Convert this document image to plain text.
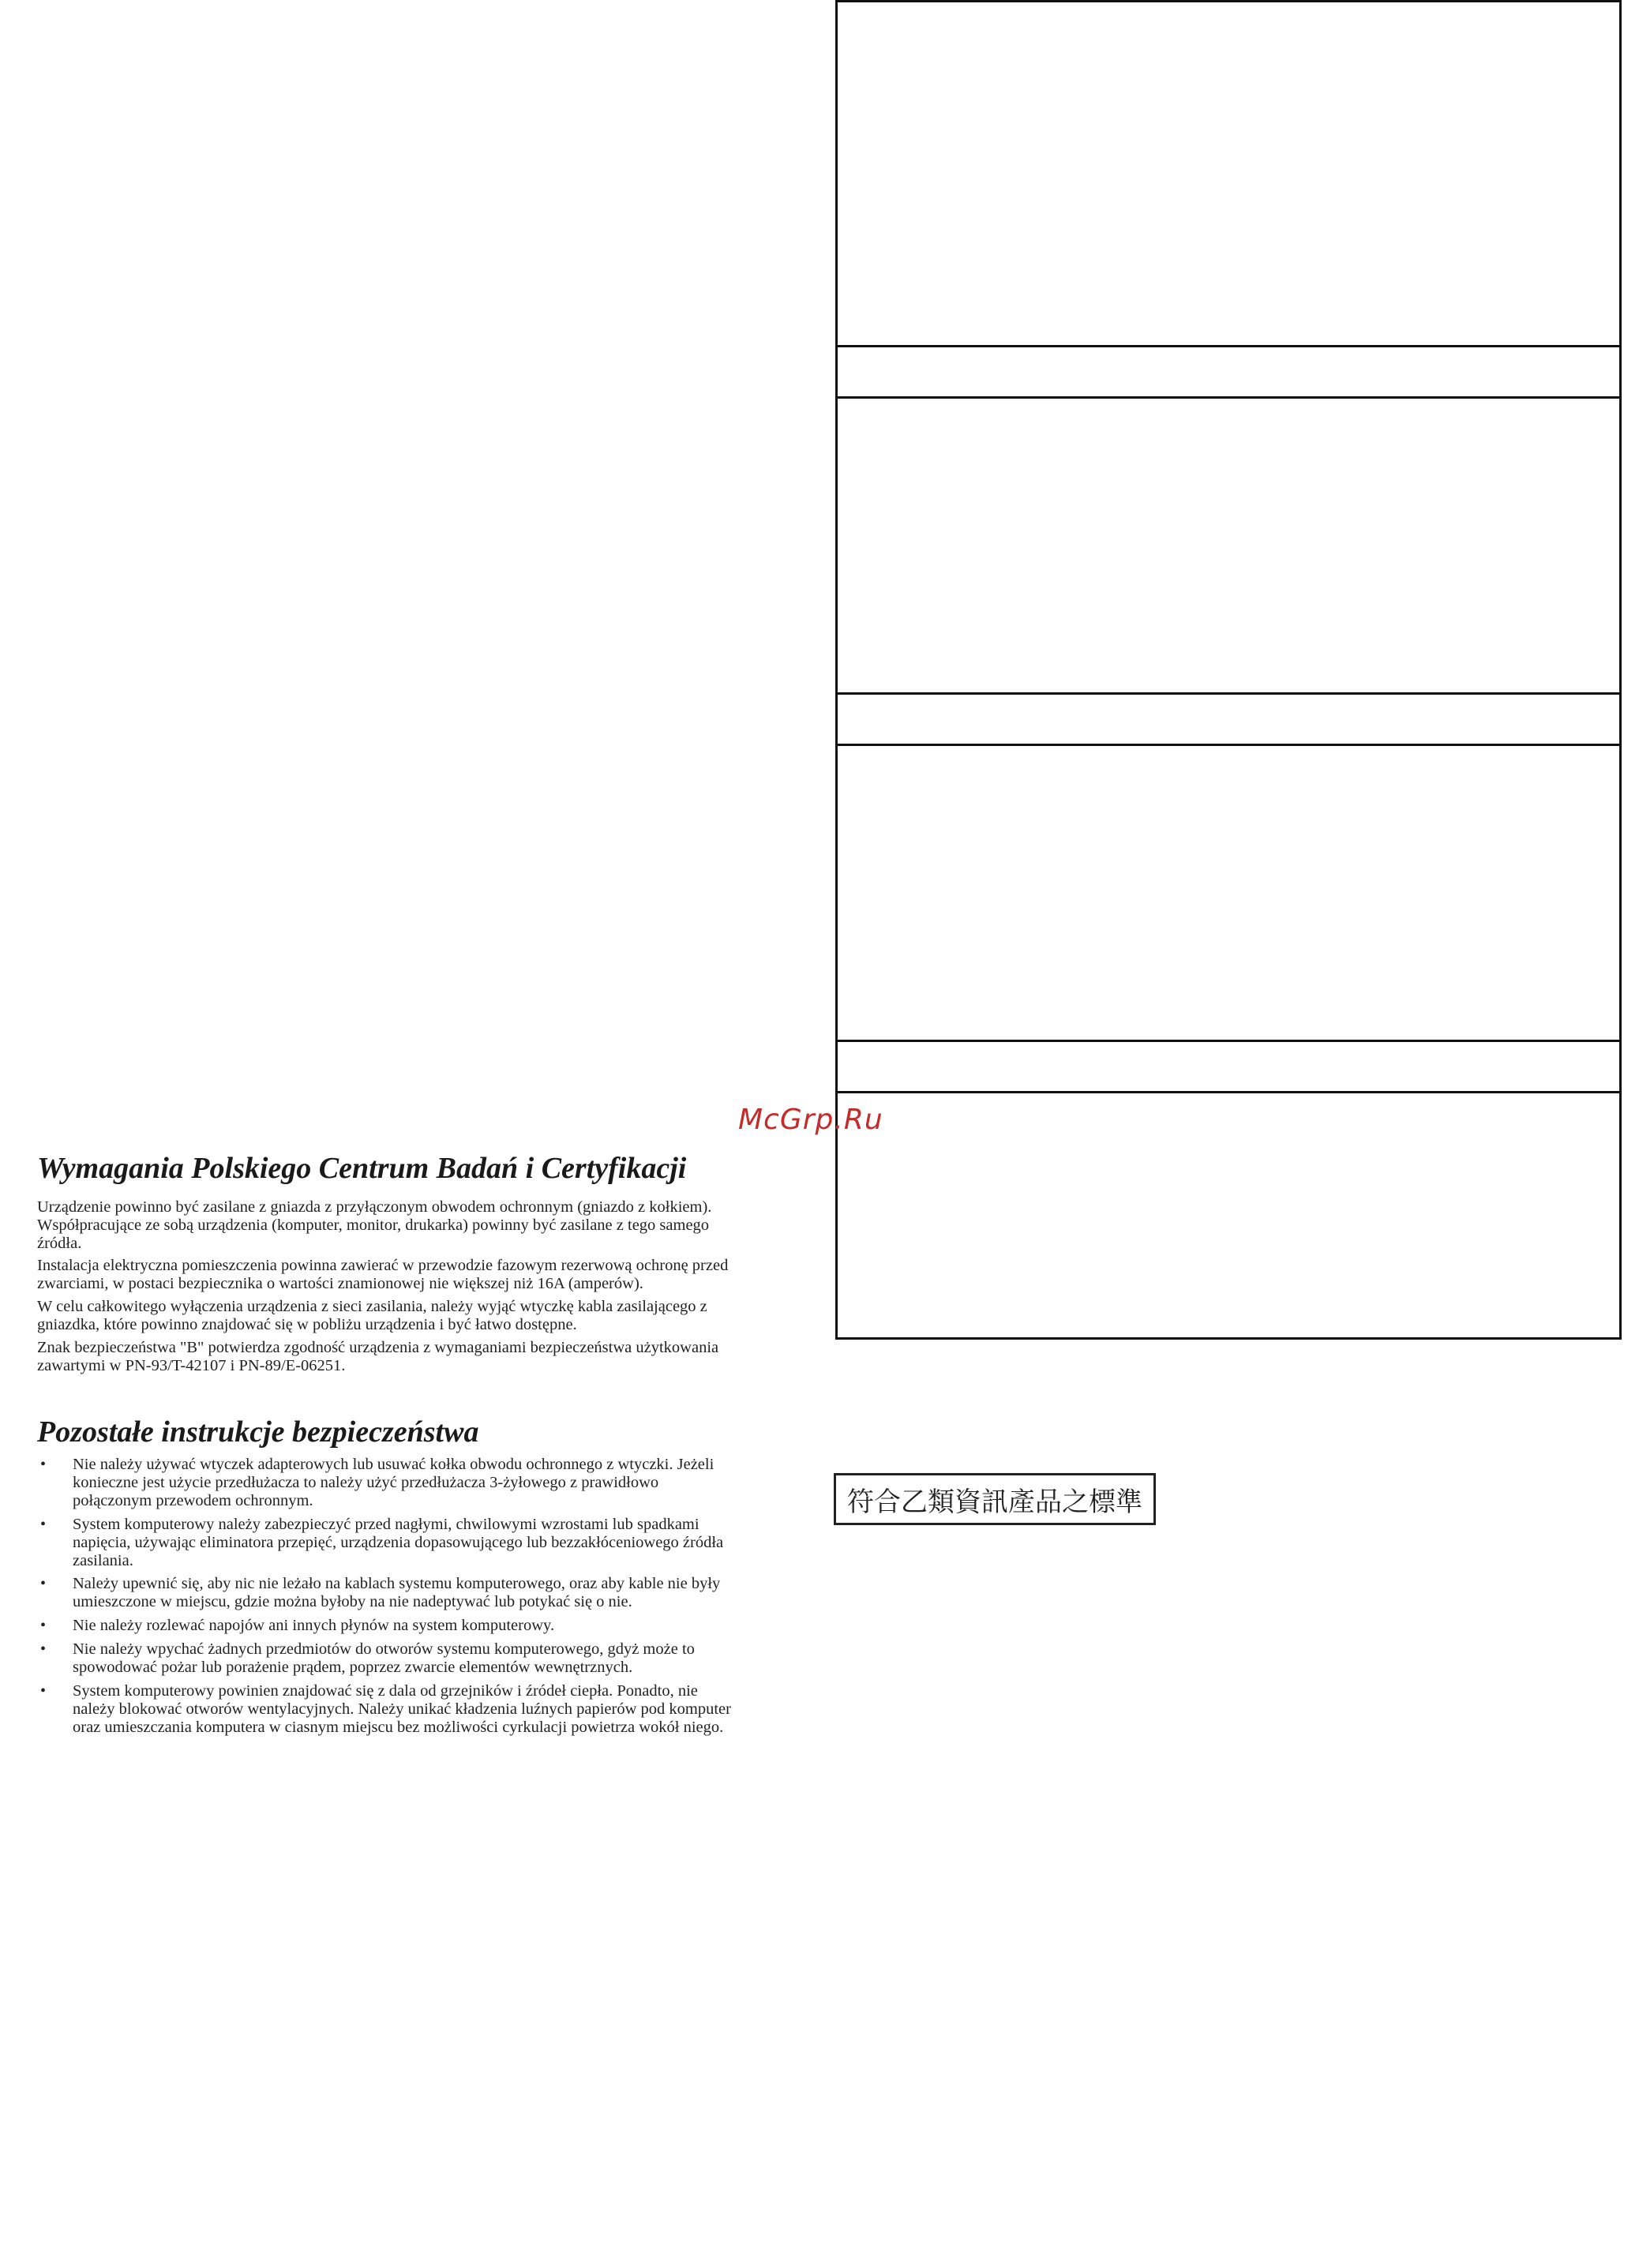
McGrp.Ru
Wymagania Polskiego Centrum Badań i Certyfikacji

Urządzenie powinno być zasilane z gniazda z przyłączonym obwodem ochronnym (gniazdo z kołkiem). Współpracujące ze sobą urządzenia (komputer, monitor, drukarka) powinny być zasilane z tego samego źródła.

Instalacja elektryczna pomieszczenia powinna zawierać w przewodzie fazowym rezerwową ochronę przed zwarciami, w postaci bezpiecznika o wartości znamionowej nie większej niż 16A (amperów).

W celu całkowitego wyłączenia urządzenia z sieci zasilania, należy wyjąć wtyczkę kabla zasilającego z gniazdka, które powinno znajdować się w pobliżu urządzenia i być łatwo dostępne.

Znak bezpieczeństwa "B" potwierdza zgodność urządzenia z wymaganiami bezpieczeństwa użytkowania zawartymi w PN-93/T-42107 i PN-89/E-06251.

Pozostałe instrukcje bezpieczeństwa
• Nie należy używać wtyczek adapterowych lub usuwać kołka obwodu ochronnego z wtyczki. Jeżeli konieczne jest użycie przedłużacza to należy użyć przedłużacza 3-żyłowego z prawidłowo połączonym przewodem ochronnym.
• System komputerowy należy zabezpieczyć przed nagłymi, chwilowymi wzrostami lub spadkami napięcia, używając eliminatora przepięć, urządzenia dopasowującego lub bezzakłóceniowego źródła zasilania.
• Należy upewnić się, aby nic nie leżało na kablach systemu komputerowego, oraz aby kable nie były umieszczone w miejscu, gdzie można byłoby na nie nadeptywać lub potykać się o nie.
• Nie należy rozlewać napojów ani innych płynów na system komputerowy.
• Nie należy wpychać żadnych przedmiotów do otworów systemu komputerowego, gdyż może to spowodować pożar lub porażenie prądem, poprzez zwarcie elementów wewnętrznych.
• System komputerowy powinien znajdować się z dala od grzejników i źródeł ciepła. Ponadto, nie należy blokować otworów wentylacyjnych. Należy unikać kładzenia luźnych papierów pod komputer oraz umieszczania komputera w ciasnym miejscu bez możliwości cyrkulacji powietrza wokół niego.
符合乙類資訊產品之標準
